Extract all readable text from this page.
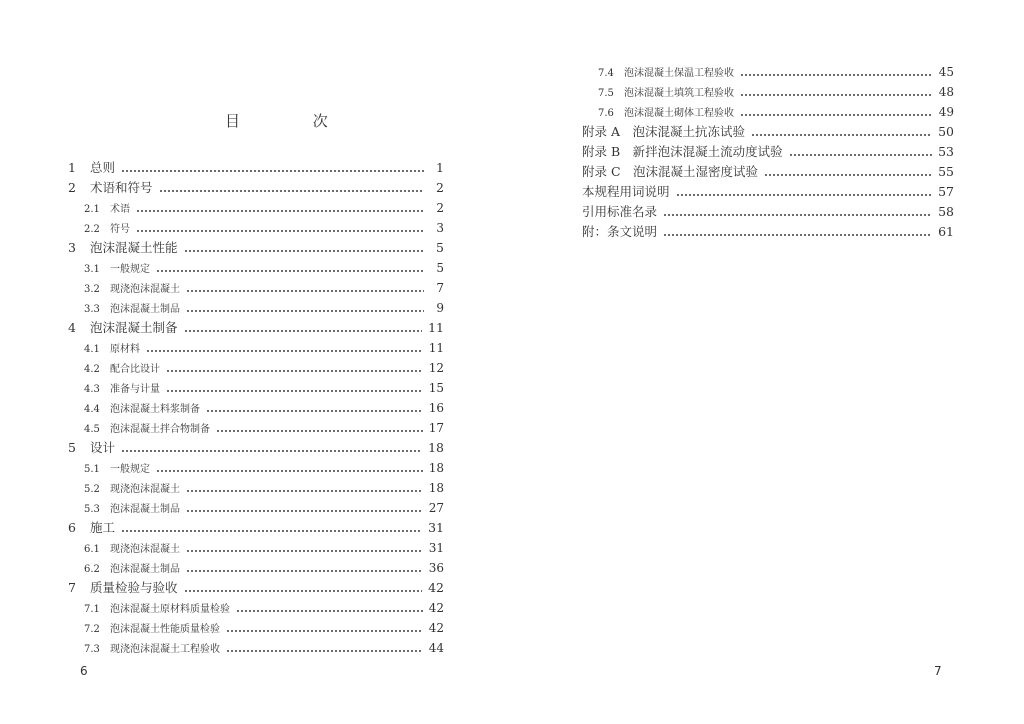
目 次
1	总则	1
2	术语和符号	2
2.1	术语	2
2.2	符号	3
3	泡沫混凝土性能	5
3.1	一般规定	5
3.2	现浇泡沫混凝土	7
3.3	泡沫混凝土制品	9
4	泡沫混凝土制备	11
4.1	原材料	11
4.2	配合比设计	12
4.3	准备与计量	15
4.4	泡沫混凝土料浆制备	16
4.5	泡沫混凝土拌合物制备	17
5	设计	18
5.1	一般规定	18
5.2	现浇泡沫混凝土	18
5.3	泡沫混凝土制品	27
6	施工	31
6.1	现浇泡沫混凝土	31
6.2	泡沫混凝土制品	36
7	质量检验与验收	42
7.1	泡沫混凝土原材料质量检验	42
7.2	泡沫混凝土性能质量检验	42
7.3	现浇泡沫混凝土工程验收	44
6
7.4	泡沫混凝土保温工程验收	45
7.5	泡沫混凝土填筑工程验收	48
7.6	泡沫混凝土砌体工程验收	49
附录 A　泡沫混凝土抗冻试验	50
附录 B　新拌泡沫混凝土流动度试验	53
附录 C　泡沫混凝土湿密度试验	55
本规程用词说明	57
引用标准名录	58
附：条文说明	61
7
